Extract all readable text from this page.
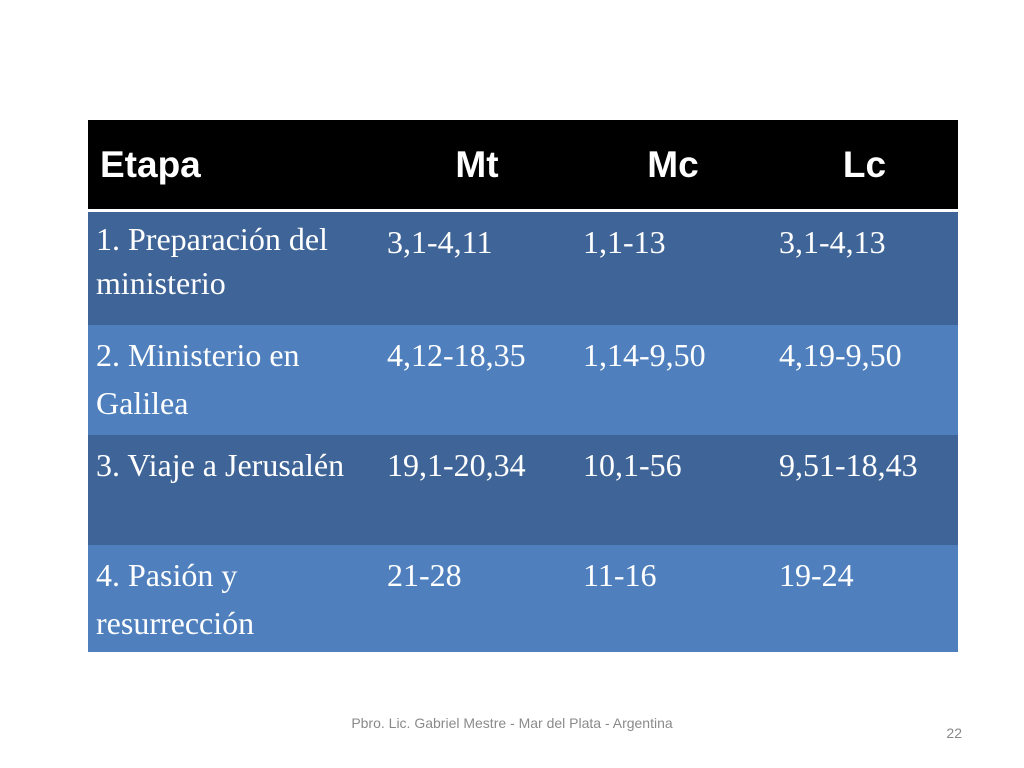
Etapa	Mt	Mc	Lc
1. Preparación del ministerio	3,1-4,11	1,1-13	3,1-4,13
2. Ministerio en Galilea	4,12-18,35	1,14-9,50	4,19-9,50
3. Viaje a Jerusalén	19,1-20,34	10,1-56	9,51-18,43
4. Pasión y resurrección	21-28	11-16	19-24
Pbro. Lic. Gabriel Mestre - Mar del Plata - Argentina
22
